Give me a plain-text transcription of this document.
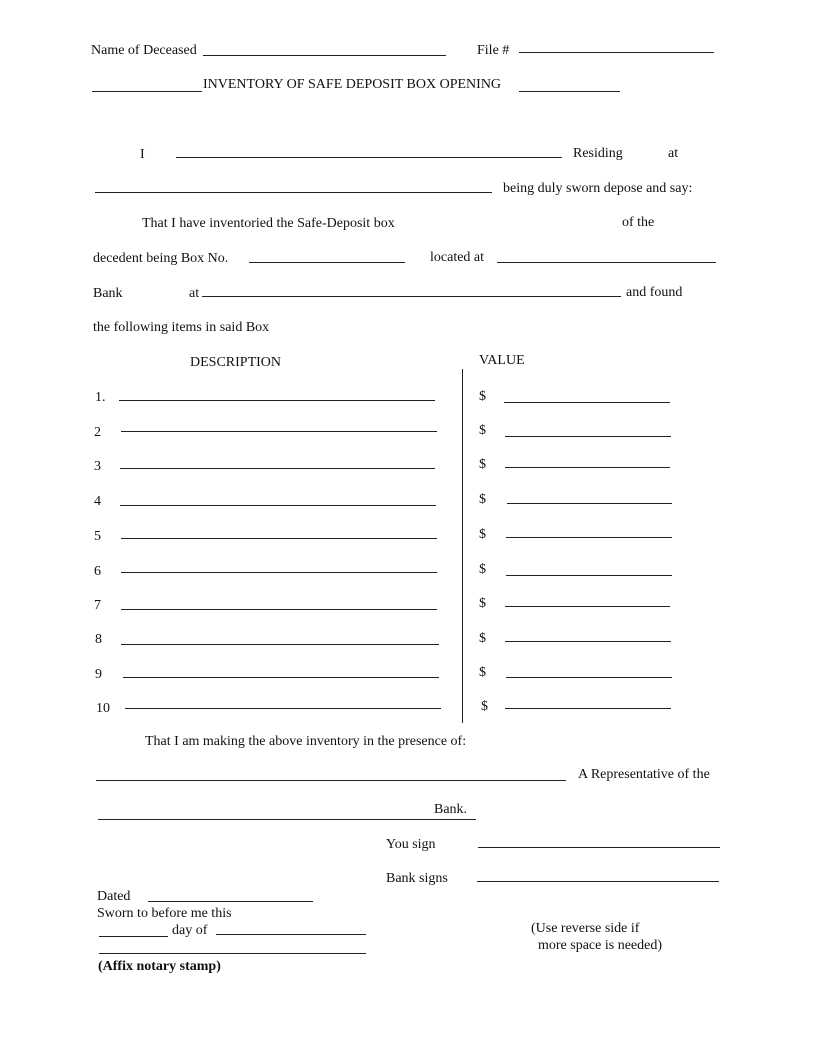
Name of Deceased	File #
INVENTORY OF SAFE DEPOSIT BOX OPENING
I	Residing	at
being duly sworn depose and say:
That I have inventoried the Safe-Deposit box	of the
decedent being Box No.	located at
Bank	at	and found
the following items in said Box
DESCRIPTION	VALUE
1.	$
2	$
3	$
4	$
5	$
6	$
7	$
8	$
9	$
10	$
That I am making the above inventory in the presence of:
A Representative of the
Bank.
You sign
Bank signs
Dated
Sworn to before me this
day of
(Affix notary stamp)
(Use reverse side if
more space is needed)
